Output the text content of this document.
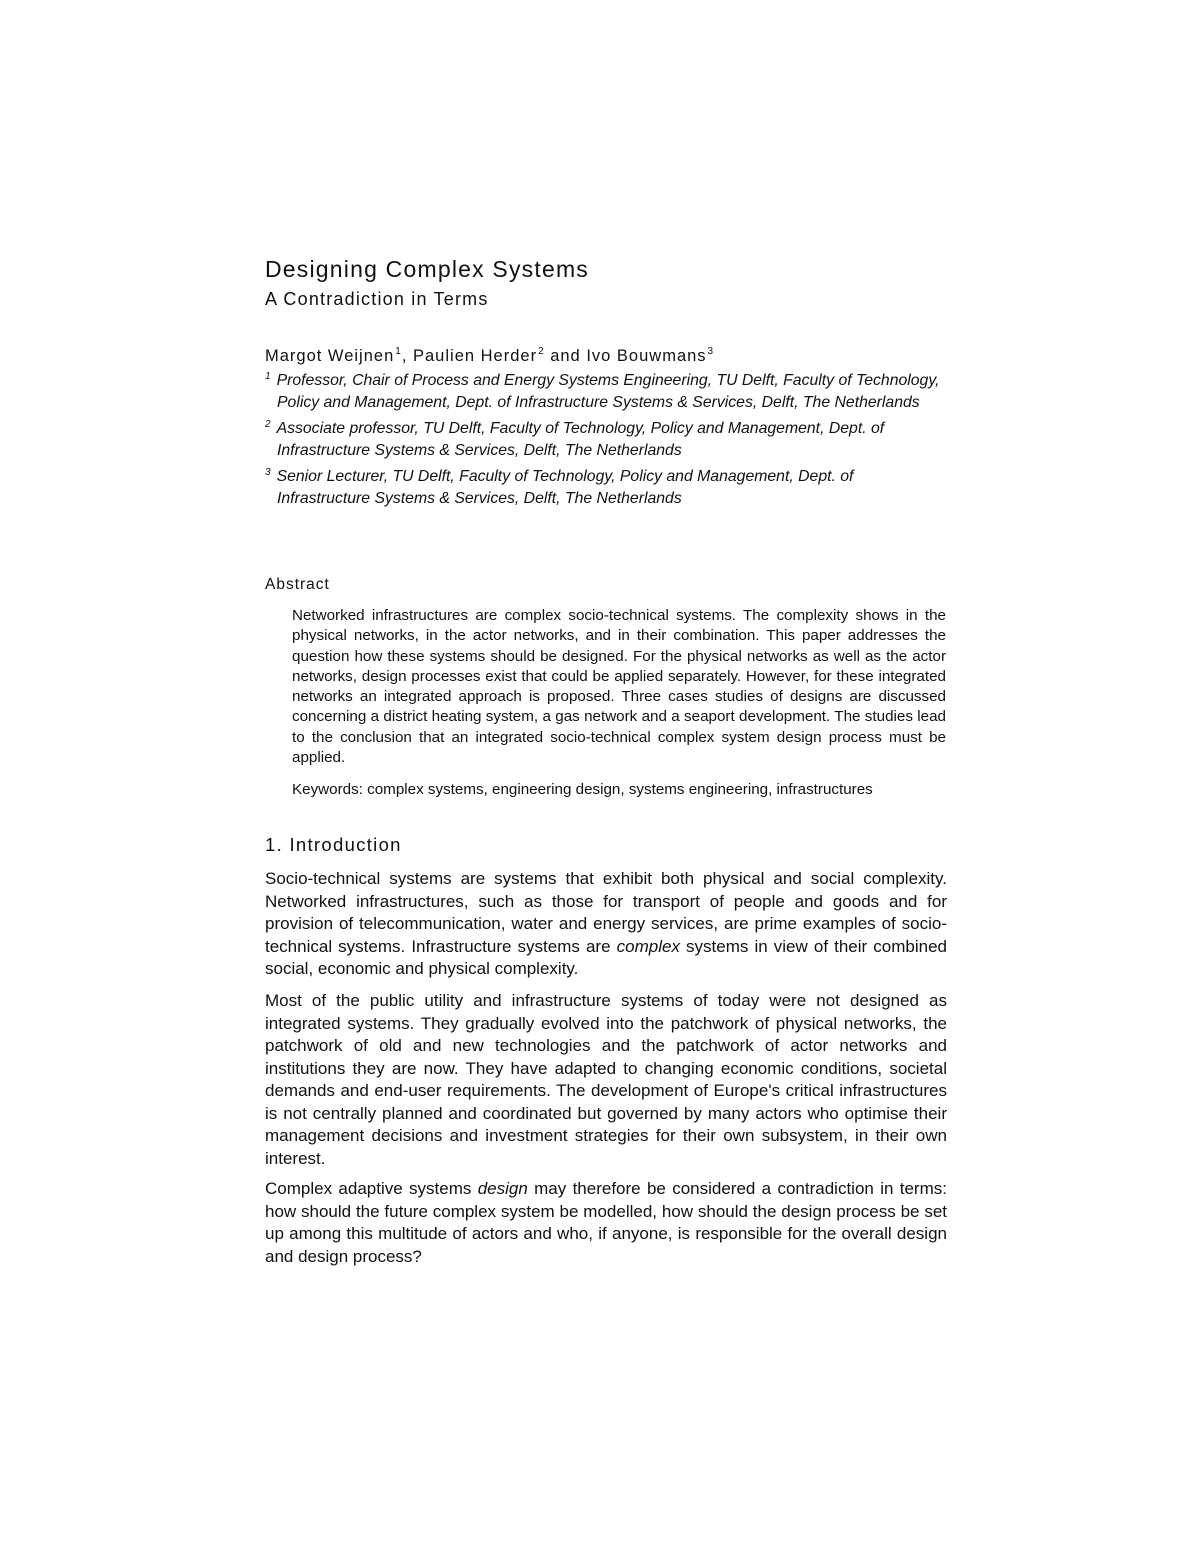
Designing Complex Systems
A Contradiction in Terms
Margot Weijnen$^1$, Paulien Herder$^2$ and Ivo Bouwmans$^3$

1 Professor, Chair of Process and Energy Systems Engineering, TU Delft, Faculty of Technology, Policy and Management, Dept. of Infrastructure Systems & Services, Delft, The Netherlands

2 Associate professor, TU Delft, Faculty of Technology, Policy and Management, Dept. of Infrastructure Systems & Services, Delft, The Netherlands

3 Senior Lecturer, TU Delft, Faculty of Technology, Policy and Management, Dept. of Infrastructure Systems & Services, Delft, The Netherlands

Abstract

Networked infrastructures are complex socio-technical systems. The complexity shows in the physical networks, in the actor networks, and in their combination. This paper addresses the question how these systems should be designed. For the physical networks as well as the actor networks, design processes exist that could be applied separately. However, for these integrated networks an integrated approach is proposed. Three cases studies of designs are discussed concerning a district heating system, a gas network and a seaport development. The studies lead to the conclusion that an integrated socio-technical complex system design process must be applied.

Keywords: complex systems, engineering design, systems engineering, infrastructures

1. Introduction

Socio-technical systems are systems that exhibit both physical and social complexity. Networked infrastructures, such as those for transport of people and goods and for provision of telecommunication, water and energy services, are prime examples of socio-technical systems. Infrastructure systems are complex systems in view of their combined social, economic and physical complexity.

Most of the public utility and infrastructure systems of today were not designed as integrated systems. They gradually evolved into the patchwork of physical networks, the patchwork of old and new technologies and the patchwork of actor networks and institutions they are now. They have adapted to changing economic conditions, societal demands and end-user requirements. The development of Europe's critical infrastructures is not centrally planned and coordinated but governed by many actors who optimise their management decisions and investment strategies for their own subsystem, in their own interest.

Complex adaptive systems design may therefore be considered a contradiction in terms: how should the future complex system be modelled, how should the design process be set up among this multitude of actors and who, if anyone, is responsible for the overall design and design process?
